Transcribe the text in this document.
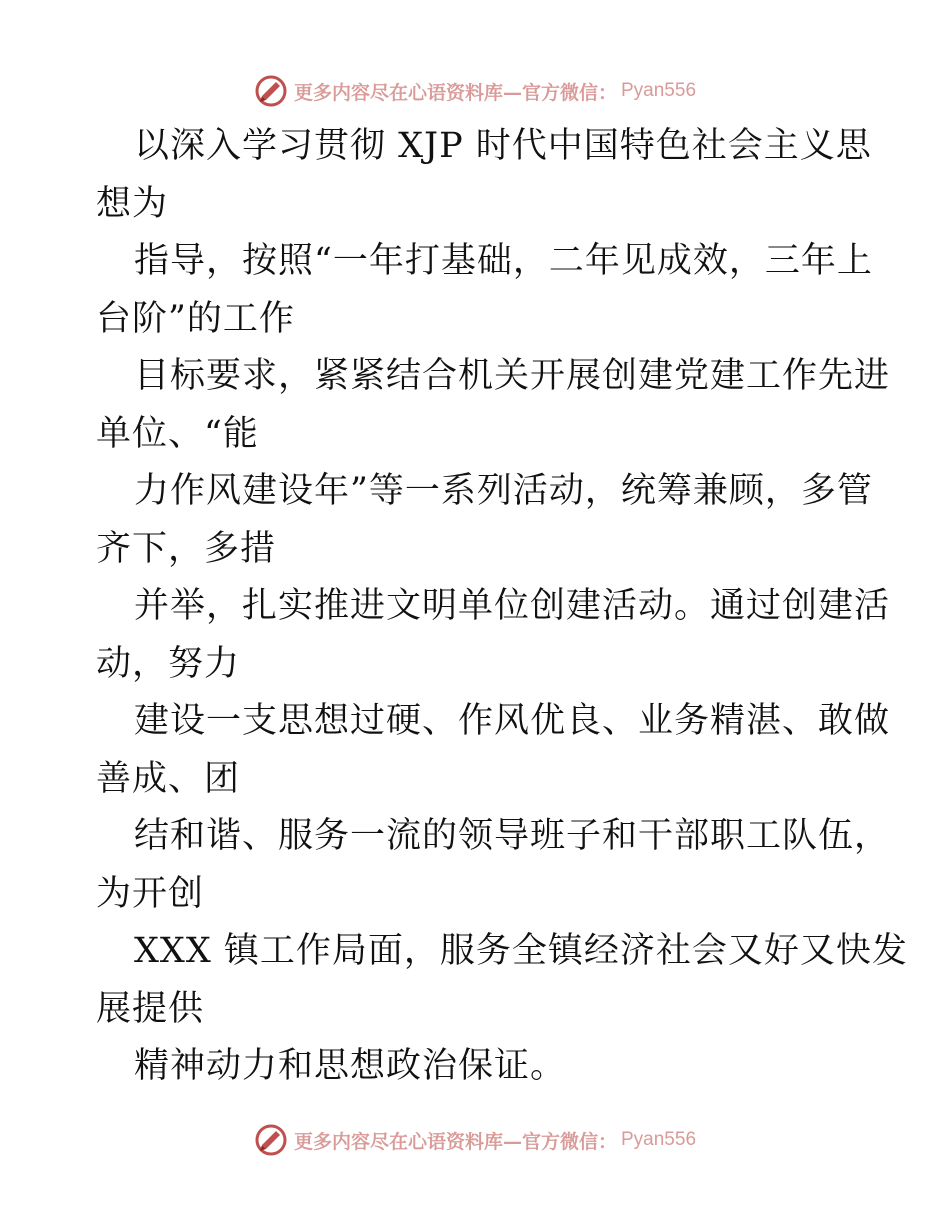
更多内容尽在心语资料库—官方微信： Pyan556
以深入学习贯彻 XJP 时代中国特色社会主义思
想为
指导，按照“一年打基础，二年见成效，三年上
台阶”的工作
目标要求，紧紧结合机关开展创建党建工作先进
单位、“能
力作风建设年”等一系列活动，统筹兼顾，多管
齐下，多措
并举，扎实推进文明单位创建活动。通过创建活
动，努力
建设一支思想过硬、作风优良、业务精湛、敢做
善成、团
结和谐、服务一流的领导班子和干部职工队伍，
为开创
XXX 镇工作局面，服务全镇经济社会又好又快发
展提供
精神动力和思想政治保证。
更多内容尽在心语资料库—官方微信： Pyan556
